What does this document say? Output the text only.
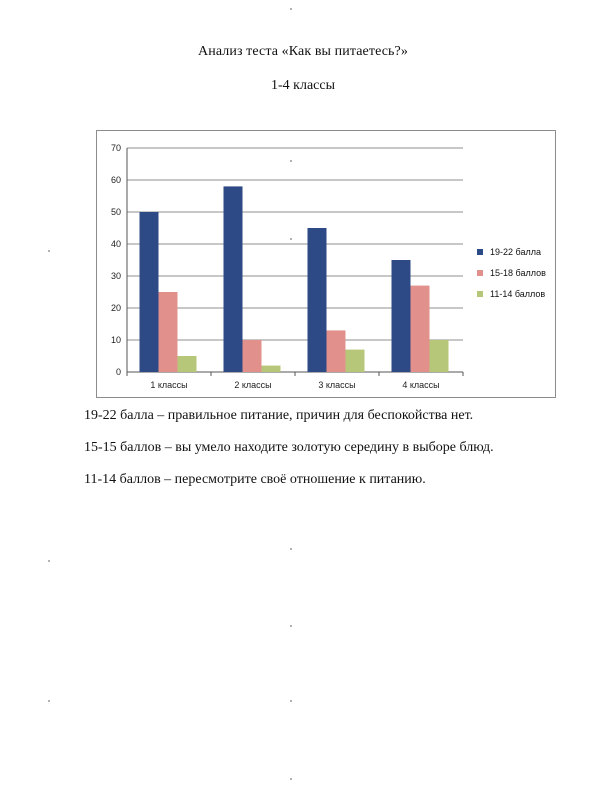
Анализ теста «Как вы питаетесь?»
1-4 классы
0
10
20
30
40
50
60
70
1 классы	2 классы	3 классы	4 классы
19-22 балла
15-18 баллов
11-14 баллов
19-22 балла – правильное питание, причин для беспокойства нет.
15-15 баллов – вы умело находите золотую середину в выборе блюд.
11-14 баллов – пересмотрите своё отношение к питанию.
